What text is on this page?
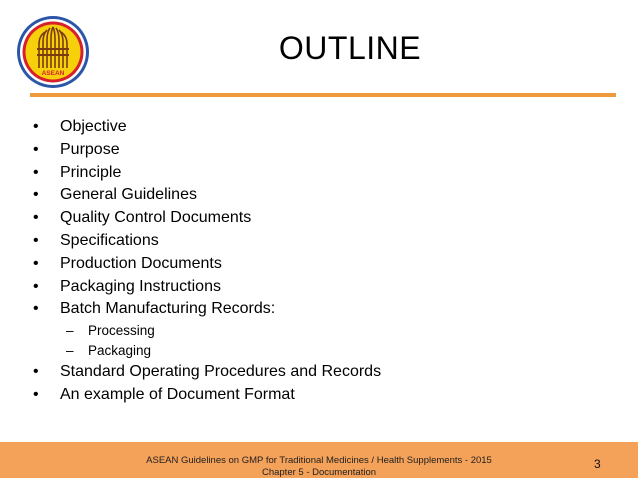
ASEAN
OUTLINE
• Objective
• Purpose
• Principle
• General Guidelines
• Quality Control Documents
• Specifications
• Production Documents
• Packaging Instructions
• Batch Manufacturing Records:
– Processing
– Packaging
• Standard Operating Procedures and Records
• An example of Document Format
ASEAN Guidelines on GMP for Traditional Medicines / Health Supplements - 2015
Chapter 5 - Documentation
3
